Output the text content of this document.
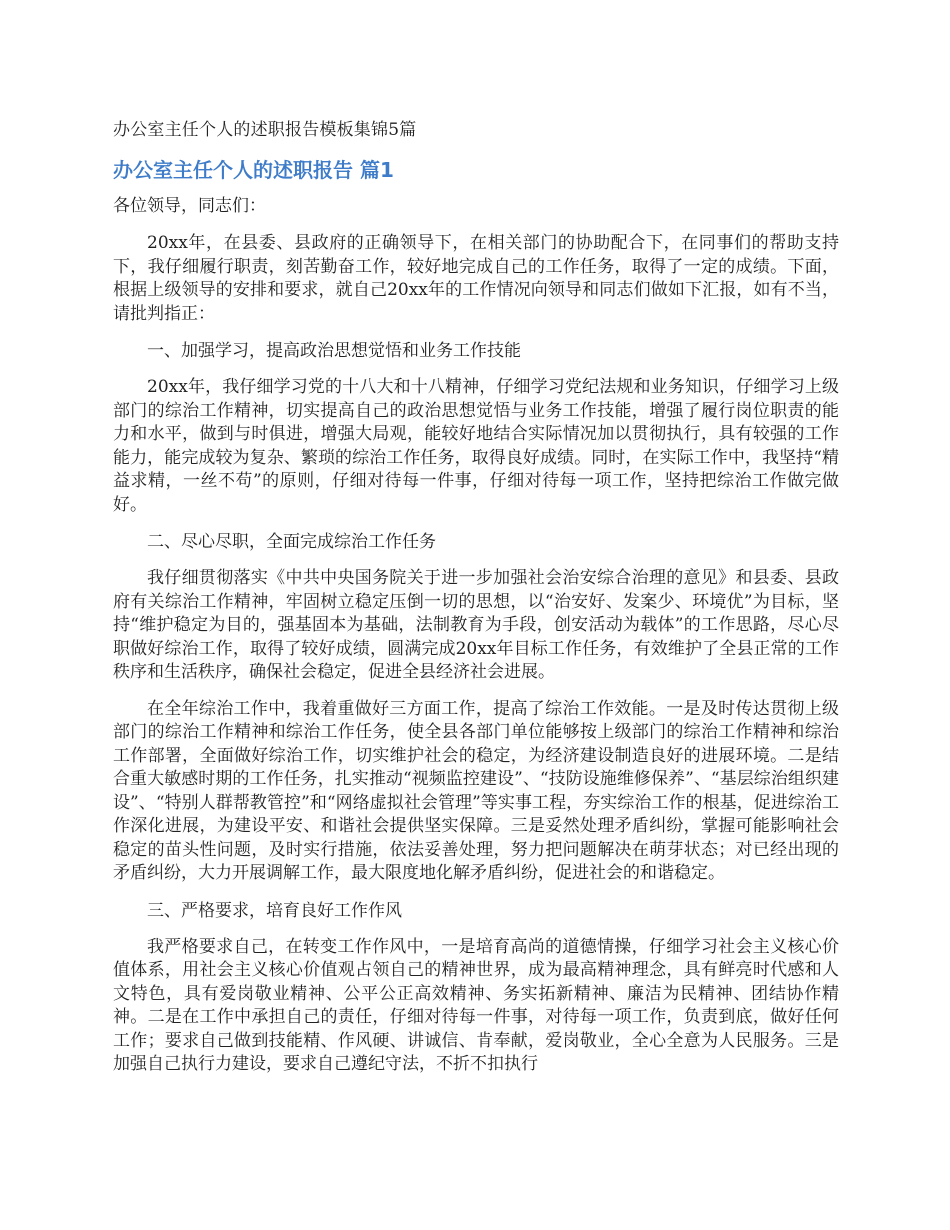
办公室主任个人的述职报告模板集锦5篇
办公室主任个人的述职报告 篇1
各位领导，同志们：

20xx年，在县委、县政府的正确领导下，在相关部门的协助配合下，在同事们的帮助支持下，我仔细履行职责，刻苦勤奋工作，较好地完成自己的工作任务，取得了一定的成绩。下面，根据上级领导的安排和要求，就自己20xx年的工作情况向领导和同志们做如下汇报，如有不当，请批判指正：

一、加强学习，提高政治思想觉悟和业务工作技能

20xx年，我仔细学习党的十八大和十八精神，仔细学习党纪法规和业务知识，仔细学习上级部门的综治工作精神，切实提高自己的政治思想觉悟与业务工作技能，增强了履行岗位职责的能力和水平，做到与时俱进，增强大局观，能较好地结合实际情况加以贯彻执行，具有较强的工作能力，能完成较为复杂、繁琐的综治工作任务，取得良好成绩。同时，在实际工作中，我坚持“精益求精，一丝不苟”的原则，仔细对待每一件事，仔细对待每一项工作，坚持把综治工作做完做好。

二、尽心尽职，全面完成综治工作任务

我仔细贯彻落实《中共中央国务院关于进一步加强社会治安综合治理的意见》和县委、县政府有关综治工作精神，牢固树立稳定压倒一切的思想，以“治安好、发案少、环境优”为目标，坚持“维护稳定为目的，强基固本为基础，法制教育为手段，创安活动为载体”的工作思路，尽心尽职做好综治工作，取得了较好成绩，圆满完成20xx年目标工作任务，有效维护了全县正常的工作秩序和生活秩序，确保社会稳定，促进全县经济社会进展。

在全年综治工作中，我着重做好三方面工作，提高了综治工作效能。一是及时传达贯彻上级部门的综治工作精神和综治工作任务，使全县各部门单位能够按上级部门的综治工作精神和综治工作部署，全面做好综治工作，切实维护社会的稳定，为经济建设制造良好的进展环境。二是结合重大敏感时期的工作任务，扎实推动“视频监控建设”、“技防设施维修保养”、“基层综治组织建设”、“特别人群帮教管控”和“网络虚拟社会管理”等实事工程，夯实综治工作的根基，促进综治工作深化进展，为建设平安、和谐社会提供坚实保障。三是妥然处理矛盾纠纷，掌握可能影响社会稳定的苗头性问题，及时实行措施，依法妥善处理，努力把问题解决在萌芽状态；对已经出现的矛盾纠纷，大力开展调解工作，最大限度地化解矛盾纠纷，促进社会的和谐稳定。

三、严格要求，培育良好工作作风

我严格要求自己，在转变工作作风中，一是培育高尚的道德情操，仔细学习社会主义核心价值体系，用社会主义核心价值观占领自己的精神世界，成为最高精神理念，具有鲜亮时代感和人文特色，具有爱岗敬业精神、公平公正高效精神、务实拓新精神、廉洁为民精神、团结协作精神。二是在工作中承担自己的责任，仔细对待每一件事，对待每一项工作，负责到底，做好任何工作；要求自己做到技能精、作风硬、讲诚信、肯奉献，爱岗敬业，全心全意为人民服务。三是加强自己执行力建设，要求自己遵纪守法，不折不扣执行
